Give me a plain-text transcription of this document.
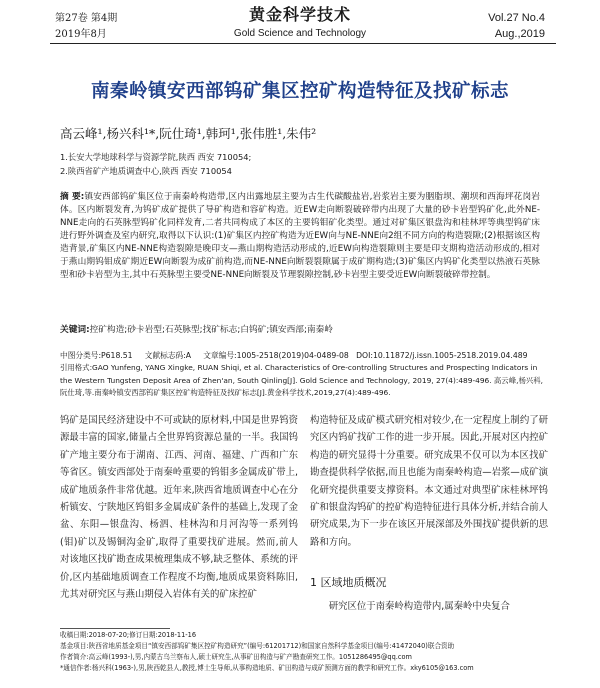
第27卷 第4期
2019年8月
黄金科学技术
Gold Science and Technology
Vol.27 No.4
Aug.,2019
南秦岭镇安西部钨矿集区控矿构造特征及找矿标志
高云峰¹,杨兴科¹*,阮仕琦¹,韩珂¹,张伟胜¹,朱伟²
1.长安大学地球科学与资源学院,陕西 西安 710054;
2.陕西省矿产地质调查中心,陕西 西安 710054
摘 要:镇安西部钨矿集区位于南秦岭构造带,区内出露地层主要为古生代碳酸盐岩,岩浆岩主要为胭脂坝、潮坝和西海坪花岗岩体。区内断裂发育,为钨矿成矿提供了导矿构造和容矿构造。近EW走向断裂破碎带内出现了大量的砂卡岩型钨矿化,此外NE-NNE走向的石英脉型钨矿化同样发育,二者共同构成了本区的主要钨钼矿化类型。通过对矿集区银盘沟和桂林坪等典型钨矿床进行野外调查及室内研究,取得以下认识:(1)矿集区内控矿构造为近EW向与NE-NNE向2组不同方向的构造裂隙;(2)根据该区构造背景,矿集区内NE-NNE构造裂隙是晚印支—燕山期构造活动形成的,近EW向构造裂隙则主要是印支期构造活动形成的,相对于燕山期钨钼成矿期近EW向断裂为成矿前构造,而NE-NNE向断裂裂隙属于成矿期构造;(3)矿集区内钨矿化类型以热液石英脉型和砂卡岩型为主,其中石英脉型主要受NE-NNE向断裂及节理裂隙控制,砂卡岩型主要受近EW向断裂破碎带控制。
关键词:控矿构造;砂卡岩型;石英脉型;找矿标志;白钨矿;镇安西部;南秦岭
中图分类号:P618.51 文献标志码:A 文章编号:1005-2518(2019)04-0489-08 DOI:10.11872/j.issn.1005-2518.2019.04.489
引用格式:GAO Yunfeng, YANG Xingke, RUAN Shiqi, et al. Characteristics of Ore-controlling Structures and Prospecting Indicators in the Western Tungsten Deposit Area of Zhen'an, South Qinling[J]. Gold Science and Technology, 2019, 27(4):489-496. 高云峰,杨兴科,阮仕琦,等.南秦岭镇安西部钨矿集区控矿构造特征及找矿标志[J].黄金科学技术,2019,27(4):489-496.
钨矿是国民经济建设中不可或缺的原材料,中国是世界钨资源最丰富的国家,储量占全世界钨资源总量的一半。我国钨矿产地主要分布于湖南、江西、河南、福建、广西和广东等省区。镇安西部处于南秦岭重要的钨钼多金属成矿带上,成矿地质条件非常优越。近年来,陕西省地质调查中心在分析镇安、宁陕地区钨钼多金属成矿条件的基础上,发现了金盆、东阳—银盘沟、杨泗、桂林沟和月河沟等一系列钨(钼)矿以及锡铜沟金矿,取得了重要找矿进展。然而,前人对该地区找矿勘查成果梳理集成不够,缺乏整体、系统的评价,区内基础地质调查工作程度不均衡,地质成果资料陈旧,尤其对研究区与燕山期侵入岩体有关的矿床控矿
构造特征及成矿模式研究相对较少,在一定程度上制约了研究区内钨矿找矿工作的进一步开展。因此,开展对区内控矿构造的研究显得十分重要。研究成果不仅可以为本区找矿勘查提供科学依据,而且也能为南秦岭构造—岩浆—成矿演化研究提供重要支撑资料。本文通过对典型矿床桂林坪钨矿和银盘沟钨矿的控矿构造特征进行具体分析,并结合前人研究成果,为下一步在该区开展深部及外围找矿提供新的思路和方向。
1 区域地质概况
研究区位于南秦岭构造带内,属秦岭中央复合
收稿日期:2018-07-20;修订日期:2018-11-16
基金项目:陕西省地质基金项目“镇安西部钨矿集区控矿构造研究”(编号:61201712)和国家自然科学基金项目(编号:41472040)联合资助
作者简介:高云峰(1993-),男,内蒙古乌兰察布人,硕士研究生,从事矿田构造与矿产勘查研究工作。1051286495@qq.com
*通信作者:杨兴科(1963-),男,陕西乾县人,教授,博士生导师,从事构造地质、矿田构造与成矿预测方面的教学和研究工作。xky6105@163.com
